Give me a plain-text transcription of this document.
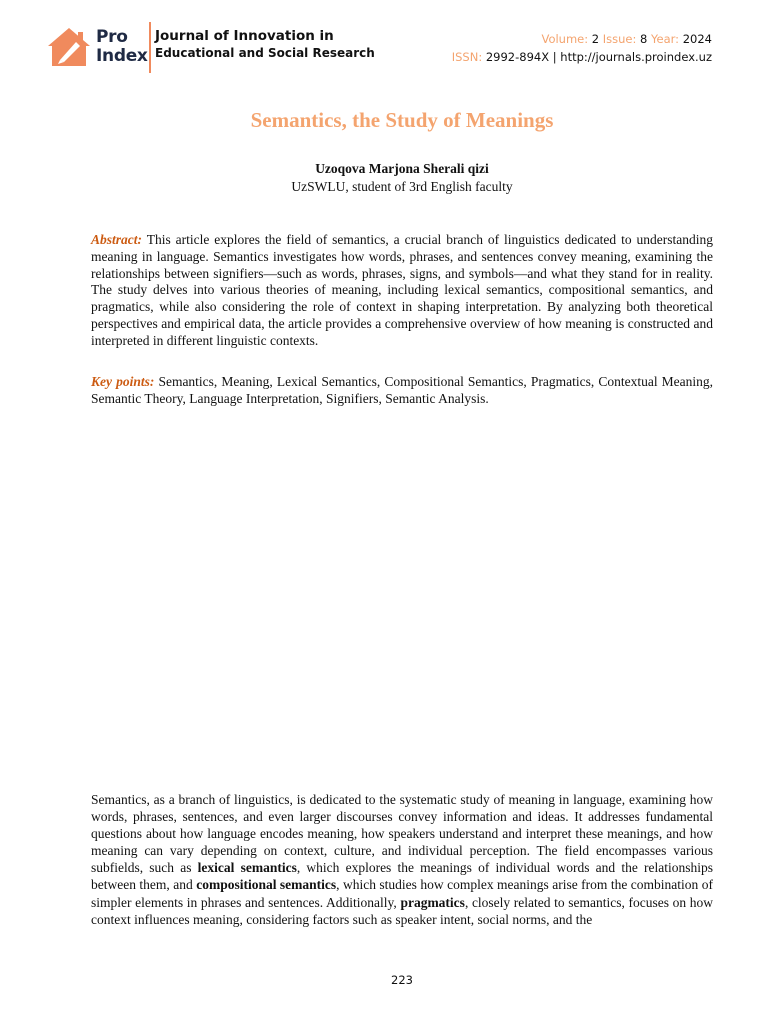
Pro
Index
Journal of Innovation in
Educational and Social Research
Volume: 2 Issue: 8 Year: 2024
ISSN: 2992-894X | http://journals.proindex.uz
Semantics, the Study of Meanings
Uzoqova Marjona Sherali qizi
UzSWLU, student of 3rd English faculty
Abstract: This article explores the field of semantics, a crucial branch of linguistics dedicated to understanding meaning in language. Semantics investigates how words, phrases, and sentences convey meaning, examining the relationships between signifiers—such as words, phrases, signs, and symbols—and what they stand for in reality. The study delves into various theories of meaning, including lexical semantics, compositional semantics, and pragmatics, while also considering the role of context in shaping interpretation. By analyzing both theoretical perspectives and empirical data, the article provides a comprehensive overview of how meaning is constructed and interpreted in different linguistic contexts.
Key points: Semantics, Meaning, Lexical Semantics, Compositional Semantics, Pragmatics, Contextual Meaning, Semantic Theory, Language Interpretation, Signifiers, Semantic Analysis.
Semantics, as a branch of linguistics, is dedicated to the systematic study of meaning in language, examining how words, phrases, sentences, and even larger discourses convey information and ideas. It addresses fundamental questions about how language encodes meaning, how speakers understand and interpret these meanings, and how meaning can vary depending on context, culture, and individual perception. The field encompasses various subfields, such as lexical semantics, which explores the meanings of individual words and the relationships between them, and compositional semantics, which studies how complex meanings arise from the combination of simpler elements in phrases and sentences. Additionally, pragmatics, closely related to semantics, focuses on how context influences meaning, considering factors such as speaker intent, social norms, and the
223
